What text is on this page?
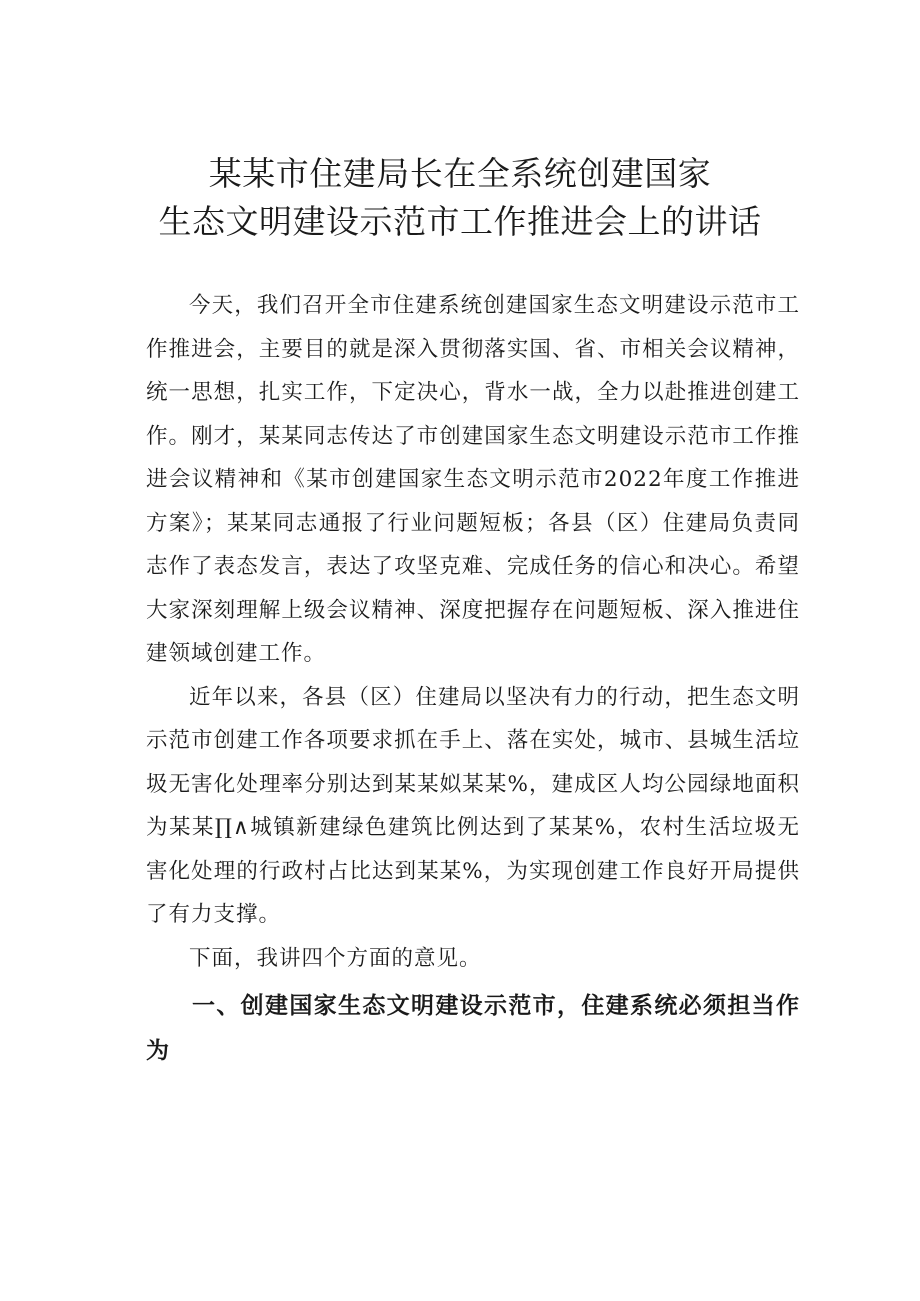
某某市住建局长在全系统创建国家
生态文明建设示范市工作推进会上的讲话

今天，我们召开全市住建系统创建国家生态文明建设示范市工作推进会，主要目的就是深入贯彻落实国、省、市相关会议精神，统一思想，扎实工作，下定决心，背水一战，全力以赴推进创建工作。刚才，某某同志传达了市创建国家生态文明建设示范市工作推进会议精神和《某市创建国家生态文明示范市2022年度工作推进方案》；某某同志通报了行业问题短板；各县（区）住建局负责同志作了表态发言，表达了攻坚克难、完成任务的信心和决心。希望大家深刻理解上级会议精神、深度把握存在问题短板、深入推进住建领域创建工作。

近年以来，各县（区）住建局以坚决有力的行动，把生态文明示范市创建工作各项要求抓在手上、落在实处，城市、县城生活垃圾无害化处理率分别达到某某姒某某%，建成区人均公园绿地面积为某某∏∧城镇新建绿色建筑比例达到了某某%，农村生活垃圾无害化处理的行政村占比达到某某%，为实现创建工作良好开局提供了有力支撑。

下面，我讲四个方面的意见。

一、创建国家生态文明建设示范市，住建系统必须担当作为
